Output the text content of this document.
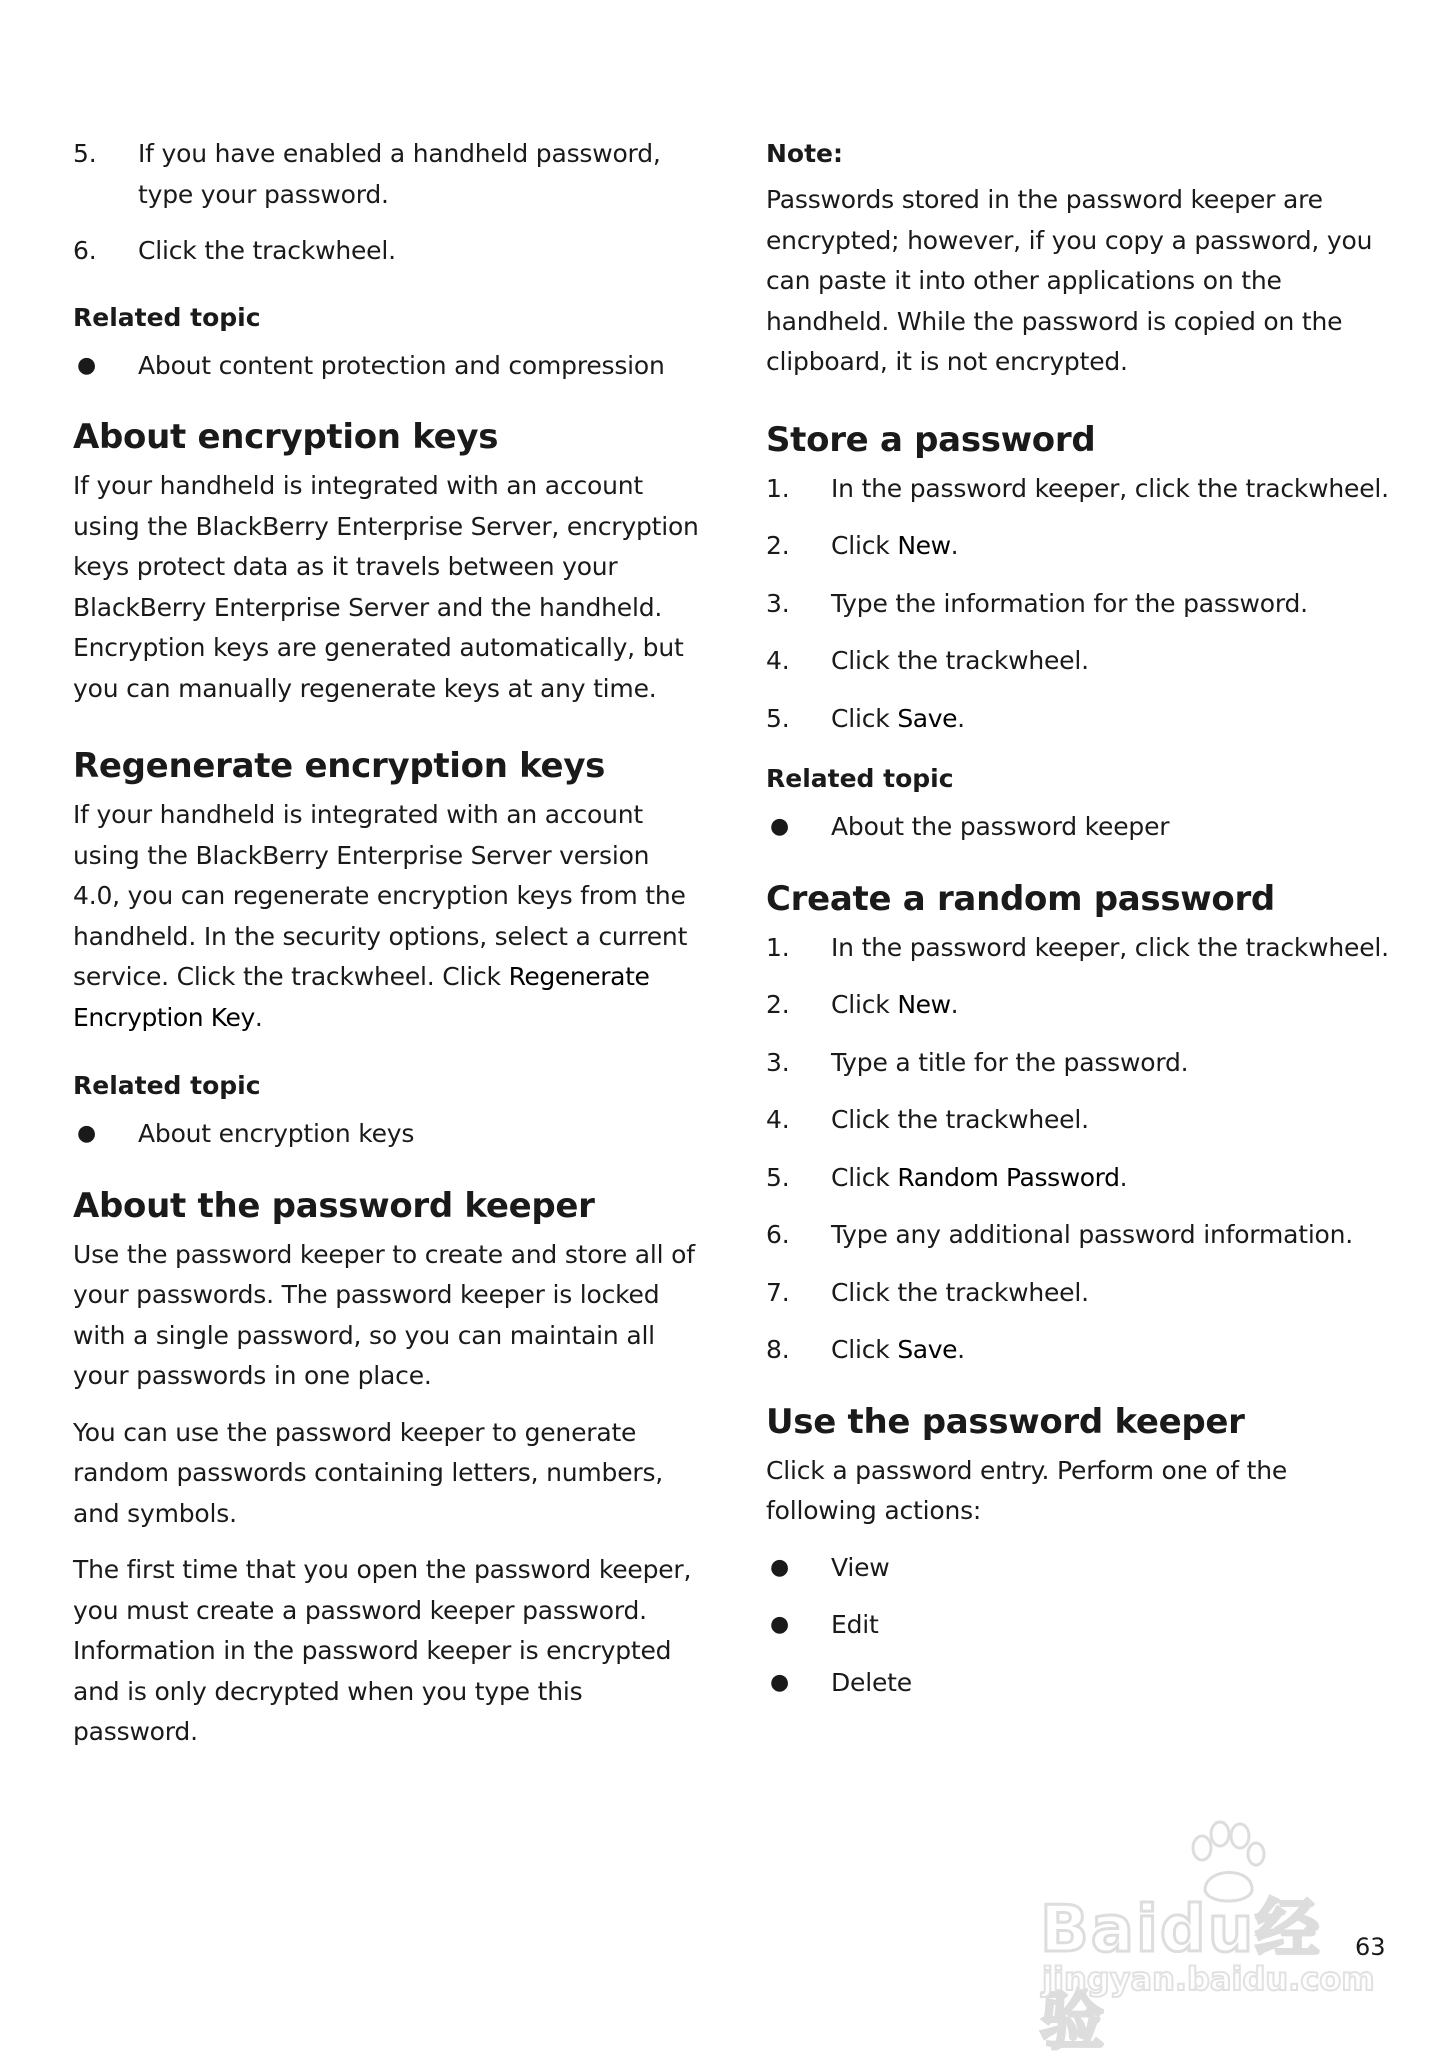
5. If you have enabled a handheld password, type your password.
6. Click the trackwheel.
Related topic
● About content protection and compression
About encryption keys

If your handheld is integrated with an account using the BlackBerry Enterprise Server, encryption keys protect data as it travels between your BlackBerry Enterprise Server and the handheld. Encryption keys are generated automatically, but you can manually regenerate keys at any time.

Regenerate encryption keys

If your handheld is integrated with an account using the BlackBerry Enterprise Server version 4.0, you can regenerate encryption keys from the handheld. In the security options, select a current service. Click the trackwheel. Click Regenerate Encryption Key.

Related topic
● About encryption keys
About the password keeper

Use the password keeper to create and store all of your passwords. The password keeper is locked with a single password, so you can maintain all your passwords in one place.

You can use the password keeper to generate random passwords containing letters, numbers, and symbols.

The first time that you open the password keeper, you must create a password keeper password. Information in the password keeper is encrypted and is only decrypted when you type this password.

Note:

Passwords stored in the password keeper are encrypted; however, if you copy a password, you can paste it into other applications on the handheld. While the password is copied on the clipboard, it is not encrypted.

Store a password
1. In the password keeper, click the trackwheel.
2. Click New.
3. Type the information for the password.
4. Click the trackwheel.
5. Click Save.
Related topic
● About the password keeper
Create a random password
1. In the password keeper, click the trackwheel.
2. Click New.
3. Type a title for the password.
4. Click the trackwheel.
5. Click Random Password.
6. Type any additional password information.
7. Click the trackwheel.
8. Click Save.
Use the password keeper

Click a password entry. Perform one of the following actions:

● View
● Edit
● Delete
Baidu经验
jingyan.baidu.com
63
